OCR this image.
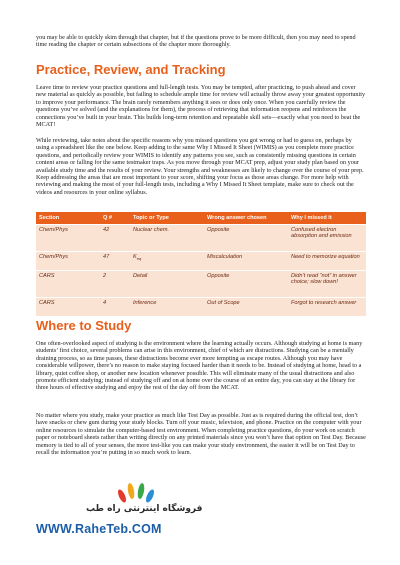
you may be able to quickly skim through that chapter, but if the questions prove to be more difficult, then you may need to spend time reading the chapter or certain subsections of the chapter more thoroughly.

Practice, Review, and Tracking

Leave time to review your practice questions and full-length tests. You may be tempted, after practicing, to push ahead and cover new material as quickly as possible, but failing to schedule ample time for review will actually throw away your greatest opportunity to improve your performance. The brain rarely remembers anything it sees or does only once. When you carefully review the questions you’ve solved (and the explanations for them), the process of retrieving that information reopens and reinforces the connections you’ve built in your brain. This builds long-term retention and repeatable skill sets—exactly what you need to beat the MCAT!

While reviewing, take notes about the specific reasons why you missed questions you got wrong or had to guess on, perhaps by using a spreadsheet like the one below. Keep adding to the same Why I Missed It Sheet (WIMIS) as you complete more practice questions, and periodically review your WIMIS to identify any patterns you see, such as consistently missing questions in certain content areas or falling for the same testmaker traps. As you move through your MCAT prep, adjust your study plan based on your available study time and the results of your review. Your strengths and weaknesses are likely to change over the course of your prep. Keep addressing the areas that are most important to your score, shifting your focus as those areas change. For more help with reviewing and making the most of your full-length tests, including a Why I Missed It Sheet template, make sure to check out the videos and resources in your online syllabus.

Section	Q #	Topic or Type	Wrong answer chosen	Why I missed it
Chem/Phys	42	Nuclear chem.	Opposite	Confused electron absorption and emission
Chem/Phys	47	$K_{eq}$	Miscalculation	Need to memorize equation
CARS	2	Detail	Opposite	Didn’t read “not” in answer choice; slow down!
CARS	4	Inference	Out of Scope	Forgot to research answer
Where to Study

One often-overlooked aspect of studying is the environment where the learning actually occurs. Although studying at home is many students’ first choice, several problems can arise in this environment, chief of which are distractions. Studying can be a mentally draining process, so as time passes, these distractions become ever more tempting as escape routes. Although you may have considerable willpower, there’s no reason to make staying focused harder than it needs to be. Instead of studying at home, head to a library, quiet coffee shop, or another new location whenever possible. This will eliminate many of the usual distractions and also promote efficient studying; instead of studying off and on at home over the course of an entire day, you can stay at the library for three hours of effective studying and enjoy the rest of the day off from the MCAT.

No matter where you study, make your practice as much like Test Day as possible. Just as is required during the official test, don’t have snacks or chew gum during your study blocks. Turn off your music, television, and phone. Practice on the computer with your online resources to simulate the computer-based test environment. When completing practice questions, do your work on scratch paper or noteboard sheets rather than writing directly on any printed materials since you won’t have that option on Test Day. Because memory is tied to all of your senses, the more test-like you can make your study environment, the easier it will be on Test Day to recall the information you’re putting in so much work to learn.

فروشگاه اینترنتی راه طب
WWW.RaheTeb.COM
